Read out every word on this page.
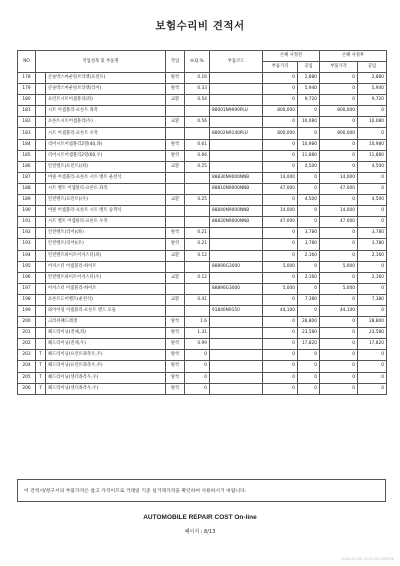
보험수리비 견적서
NO	작업설목 및 부품명		작업	H.Q.%	부품코드	손해 사정전		손해 사정후	
						부품가격	공임	부품가격	공임
178		콘솔박스마운팅브라켓(프런트)	탈착	0.16		0	2,880	0	2,880
179		콘솔박스마운팅브라켓(리어)	탈착	0.33		0	5,940	0	5,940
180		프런트시트어셈블리(좌)	교환	0.54		0	9,720	0	9,720
181		시트 어셈블리-프론트 좌측			88001N9090PLU	800,000	0	800,000	0
182		프론트시트어셈블리(우)	교환	0.56		0	10,080	0	10,080
183		시트 어셈블리-프론트 우측			88002N9140PLU	800,000	0	800,000	0
184		리어시트어셈블리2열(40,좌)	탈착	0.61		0	10,980	0	10,980
185		리어시트어셈블리2열(60,우)	탈착	0.66		0	11,880	0	11,880
186		안전벨트(프런트)(좌)	교환	0.25		0	4,500	0	4,500
187		버클 어셈블리-프론트 시트 벨트 운전석			88830N9000NNB	14,000	0	14,000	0
188		시트 벨트 어셈블리-프론트 좌측			88810N9000NNB	47,000	0	47,000	0
189		안전벨트(프런트)(우)	교환	0.25		0	4,500	0	4,500
190		버클 어셈블리-프론트 시트 벨트 승객석			88840N9000NNB	14,000	0	14,000	0
191		시트 벨트 어셈블리-프론트 우측			88820N9000NNB	47,000	0	47,000	0
192		안전벨트(리어)(좌)	탈착	0.21		0	3,780	0	3,780
193		안전벨트(리어)(우)	탈착	0.21		0	3,780	0	3,780
194		안전벨트하이트어저스터(좌)	교환	0.12		0	2,160	0	2,160
195		어저스터 어셈블리-하이트			88890G3000	5,000	0	5,000	0
196		안전벨트하이트어저스터(우)	교환	0.12		0	2,160	0	2,160
197		어저스터 어셈블리-하이트			88890G3000	5,000	0	5,000	0
198		프론트도어벨트(운전석)	교환	0.41		0	7,380	0	7,380
199		와이어링 어셈블리-프론트 엔드 모듈			91840N9150	44,100	0	44,100	0
200		크러쉬패드레셋	탈착	1.6		0	28,800	0	28,800
201		헤드라이닝(전체,좌)	탈착	1.31		0	23,580	0	23,580
202		헤드라이닝(전체,우)	탈착	0.99		0	17,820	0	17,820
203	T	헤드라이닝(프런트좌측우,우)	탈착	0		0	0	0	0
204	T	헤드라이닝(프런트좌측우,우)	탈착	0		0	0	0	0
205	T	헤드라이닝(센터좌측우,우)	탈착	0		0	0	0	0
206	T	헤드라이닝(센터좌측우,우)	탈착	0		0	0	0	0
이 견적서/청구서의 부품가격은 참고 가격이므로 거래일 기준 실거래가격을 확인하여 사용하시기 바랍니다.
AUTOMOBILE REPAIR COST On-line
페이지 : 8/13
2024-01-30 14:51:04 0002EE
